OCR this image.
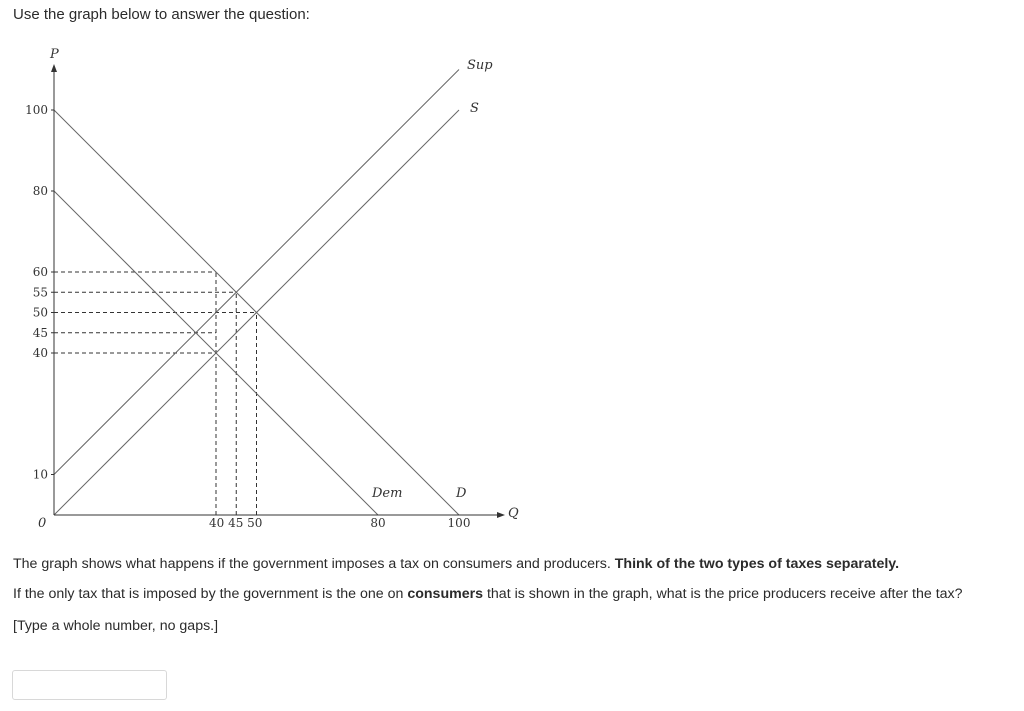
Use the graph below to answer the question:

100
80
60
55
50
45
40
10
80	100
P
Q
0	40 45 50
Sup
S
Dem	D

The graph shows what happens if the government imposes a tax on consumers and producers. Think of the two types of taxes separately.

If the only tax that is imposed by the government is the one on consumers that is shown in the graph, what is the price producers receive after the tax?

[Type a whole number, no gaps.]
